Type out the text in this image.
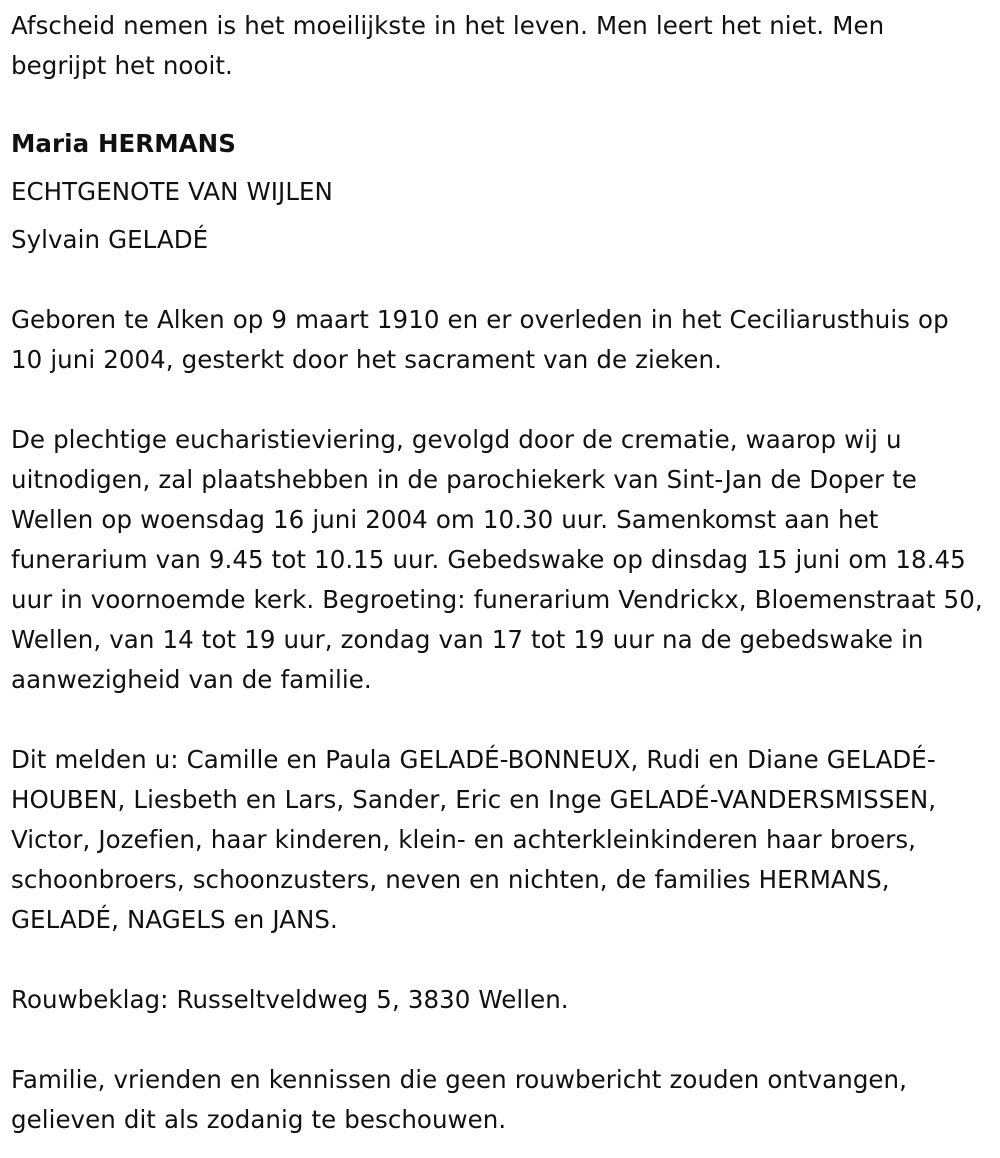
Afscheid nemen is het moeilijkste in het leven. Men leert het niet. Men begrijpt het nooit.

Maria HERMANS

ECHTGENOTE VAN WIJLEN

Sylvain GELADÉ

Geboren te Alken op 9 maart 1910 en er overleden in het Ceciliarusthuis op 10 juni 2004, gesterkt door het sacrament van de zieken.

De plechtige eucharistieviering, gevolgd door de crematie, waarop wij u uitnodigen, zal plaatshebben in de parochiekerk van Sint-Jan de Doper te Wellen op woensdag 16 juni 2004 om 10.30 uur. Samenkomst aan het funerarium van 9.45 tot 10.15 uur. Gebedswake op dinsdag 15 juni om 18.45 uur in voornoemde kerk. Begroeting: funerarium Vendrickx, Bloemenstraat 50, Wellen, van 14 tot 19 uur, zondag van 17 tot 19 uur na de gebedswake in aanwezigheid van de familie.

Dit melden u: Camille en Paula GELADÉ-BONNEUX, Rudi en Diane GELADÉ-HOUBEN, Liesbeth en Lars, Sander, Eric en Inge GELADÉ-VANDERSMISSEN, Victor, Jozefien, haar kinderen, klein- en achterkleinkinderen haar broers, schoonbroers, schoonzusters, neven en nichten, de families HERMANS, GELADÉ, NAGELS en JANS.

Rouwbeklag: Russeltveldweg 5, 3830 Wellen.

Familie, vrienden en kennissen die geen rouwbericht zouden ontvangen, gelieven dit als zodanig te beschouwen.
